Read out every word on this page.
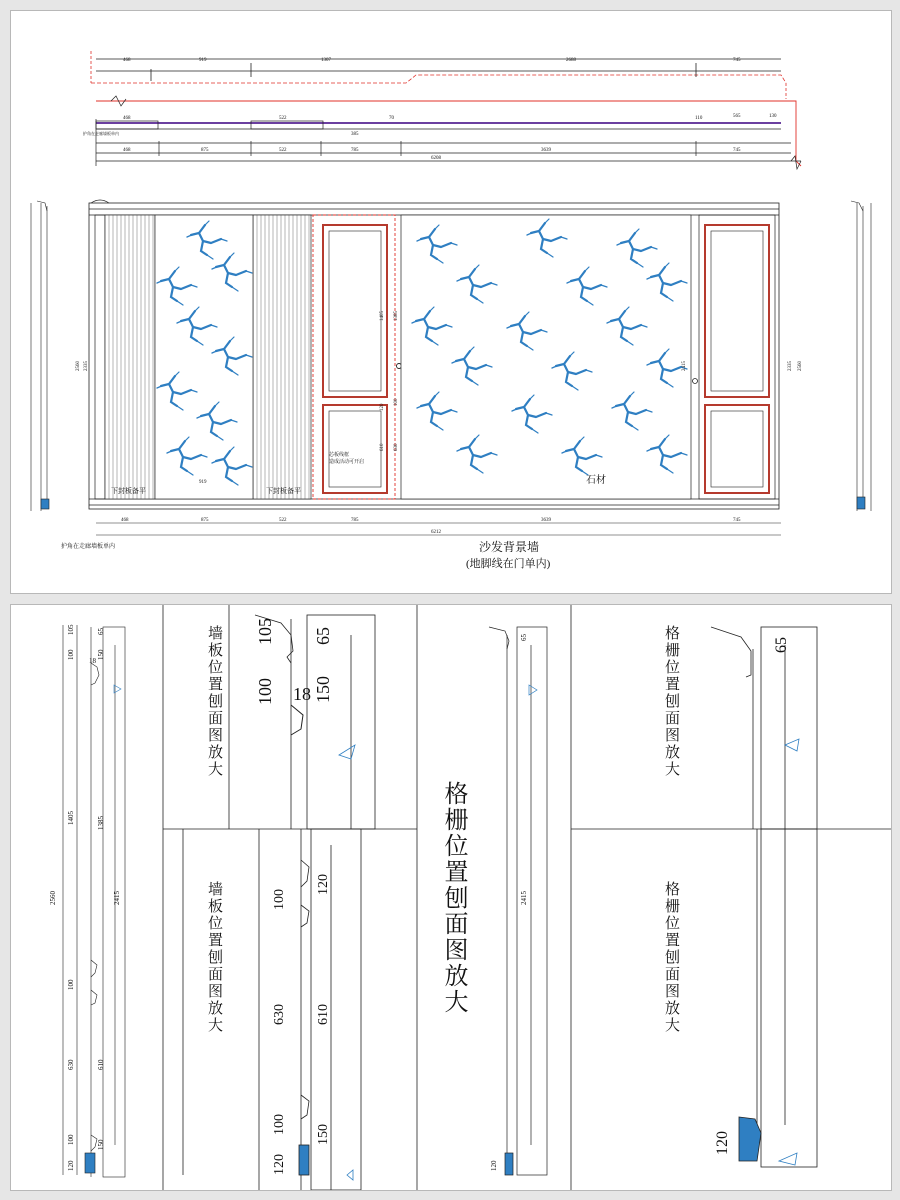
468	919	1307	2688	745
468	522	70
385
110	565	130
468	875	522	785	3639	745
6208
护角在走廊墙板单内
下封板备平	下封板备平
芯板线框
造成活动可开启
石材
919
2560 2335	2335 2560
1405 1385
610 630
2415
120
100
468	875	522	785	3639	745
6212
护角在走廊墙板单内	沙发背景墙
(地脚线在门单内)
2560
100
105	65
18
150
1405	1385
2415
100
630	610
100	150
120
100
105 65
18 150
100
120
630 610
100 150
120
65
2415
120
65
120
墙板位置刨面图放大
墙板位置刨面图放大	格栅位置刨面图放大
格栅位置刨面图放大
格栅位置刨面图放大
